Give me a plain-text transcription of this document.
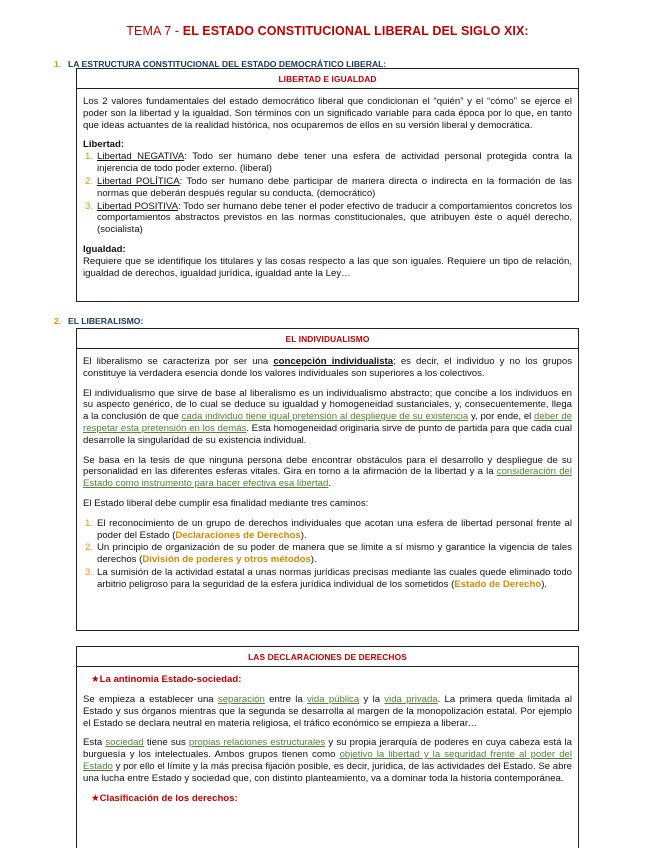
TEMA 7 - EL ESTADO CONSTITUCIONAL LIBERAL DEL SIGLO XIX:
1. LA ESTRUCTURA CONSTITUCIONAL DEL ESTADO DEMOCRÁTICO LIBERAL:
LIBERTAD E IGUALDAD

Los 2 valores fundamentales del estado democrático liberal que condicionan el “quién” y el “cómo” se ejerce el poder son la libertad y la igualdad. Son términos con un significado variable para cada época por lo que, en tanto que ideas actuantes de la realidad histórica, nos ocuparemos de ellos en su versión liberal y democrática.

Libertad:
1. Libertad NEGATIVA: Todo ser humano debe tener una esfera de actividad personal protegida contra la injerencia de todo poder externo. (liberal)
2. Libertad POLÍTICA: Todo ser humano debe participar de manera directa o indirecta en la formación de las normas que deberán después regular su conducta. (democrático)
3. Libertad POSITIVA: Todo ser humano debe tener el poder efectivo de traducir a comportamientos concretos los comportamientos abstractos previstos en las normas constitucionales, que atribuyen éste o aquél derecho. (socialista)
Igualdad:

Requiere que se identifique los titulares y las cosas respecto a las que son iguales. Requiere un tipo de relación, igualdad de derechos, igualdad jurídica, igualdad ante la Ley…

2. EL LIBERALISMO:
EL INDIVIDUALISMO

El liberalismo se caracteriza por ser una concepción individualista; es decir, el individuo y no los grupos constituye la verdadera esencia donde los valores individuales son superiores a los colectivos.

El individualismo que sirve de base al liberalismo es un individualismo abstracto; que concibe a los individuos en su aspecto genérico, de lo cual se deduce su igualdad y homogeneidad sustanciales, y, consecuentemente, llega a la conclusión de que cada individuo tiene igual pretensión al despliegue de su existencia y, por ende, el deber de respetar esta pretensión en los demás. Esta homogeneidad originaria sirve de punto de partida para que cada cual desarrolle la singularidad de su existencia individual.

Se basa en la tesis de que ninguna persona debe encontrar obstáculos para el desarrollo y despliegue de su personalidad en las diferentes esferas vitales. Gira en torno a la afirmación de la libertad y a la consideración del Estado como instrumento para hacer efectiva esa libertad.

El Estado liberal debe cumplir esa finalidad mediante tres caminos:

1. El reconocimiento de un grupo de derechos individuales que acotan una esfera de libertad personal frente al poder del Estado (Declaraciones de Derechos).
2. Un principio de organización de su poder de manera que se limite a sí mismo y garantice la vigencia de tales derechos (División de poderes y otros métodos).
3. La sumisión de la actividad estatal a unas normas jurídicas precisas mediante las cuales quede eliminado todo arbitrio peligroso para la seguridad de la esfera jurídica individual de los sometidos (Estado de Derecho).
LAS DECLARACIONES DE DERECHOS
★La antinomia Estado-sociedad:

Se empieza a establecer una separación entre la vida pública y la vida privada. La primera queda limitada al Estado y sus órganos mientras que la segunda se desarrolla al margen de la monopolización estatal. Por ejemplo el Estado se declara neutral en materia religiosa, el tráfico económico se empieza a liberar…

Esta sociedad tiene sus propias relaciones estructurales y su propia jerarquía de poderes en cuya cabeza está la burguesía y los intelectuales. Ambos grupos tienen como objetivo la libertad y la seguridad frente al poder del Estado y por ello el límite y la más precisa fijación posible, es decir, jurídica, de las actividades del Estado. Se abre una lucha entre Estado y sociedad que, con distinto planteamiento, va a dominar toda la historia contemporánea.

★Clasificación de los derechos:
